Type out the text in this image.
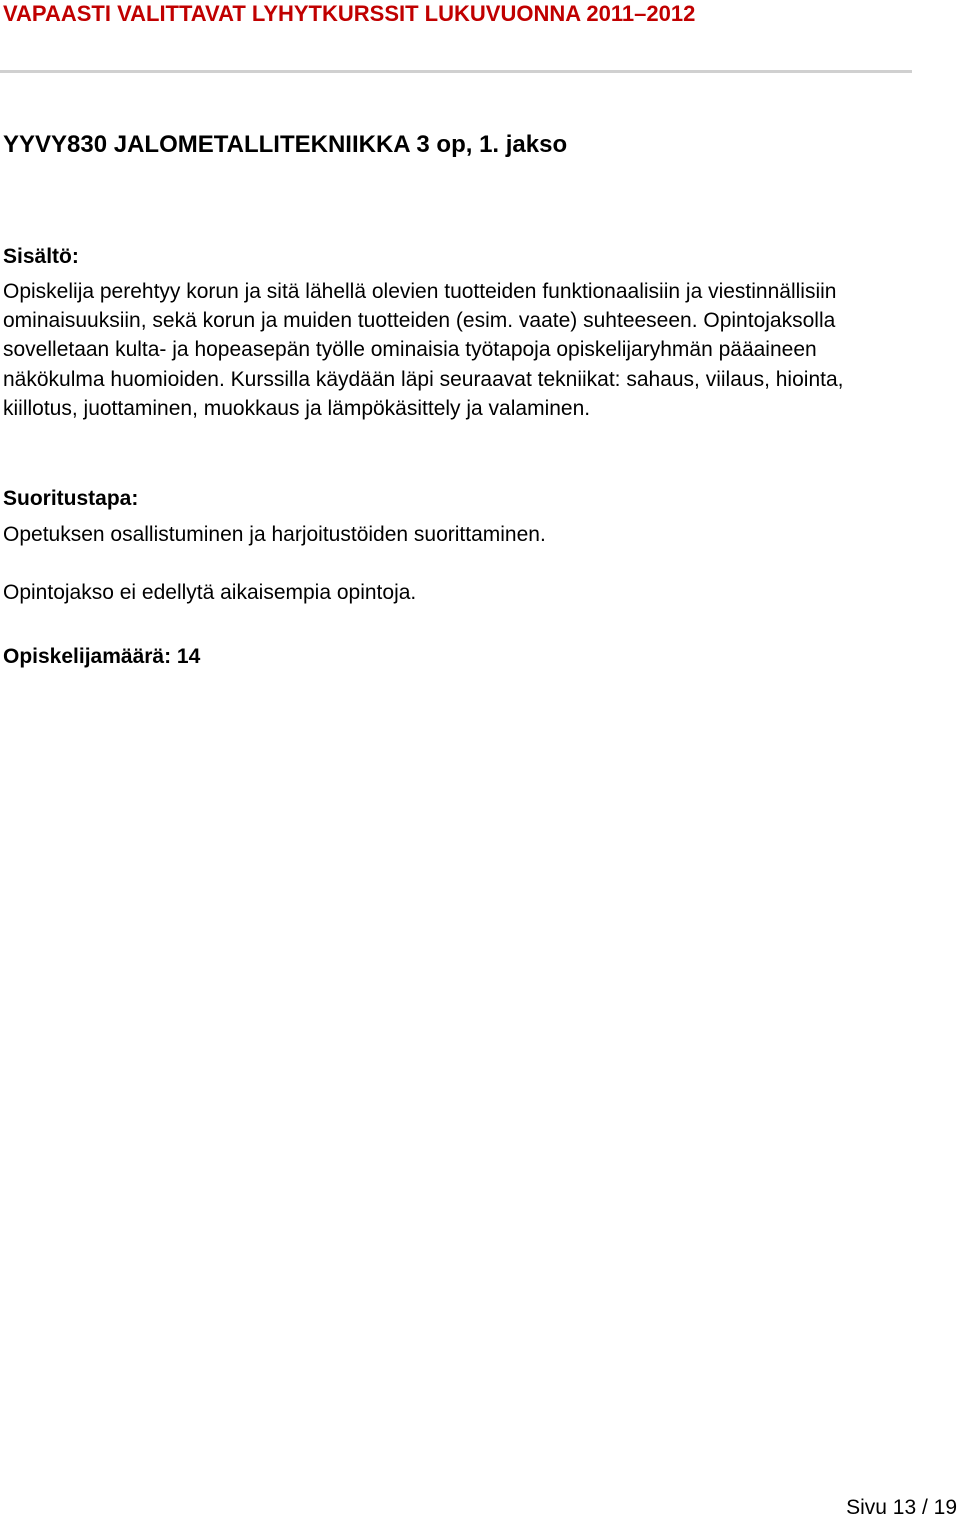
VAPAASTI VALITTAVAT LYHYTKURSSIT LUKUVUONNA 2011–2012
YYVY830 JALOMETALLITEKNIIKKA 3 op, 1. jakso
Sisältö:
Opiskelija perehtyy korun ja sitä lähellä olevien tuotteiden funktionaalisiin ja viestinnällisiin ominaisuuksiin, sekä korun ja muiden tuotteiden (esim. vaate) suhteeseen. Opintojaksolla sovelletaan kulta- ja hopeasepän työlle ominaisia työtapoja opiskelijaryhmän pääaineen näkökulma huomioiden. Kurssilla käydään läpi seuraavat tekniikat: sahaus, viilaus, hiointa, kiillotus, juottaminen, muokkaus ja lämpökäsittely ja valaminen.
Suoritustapa:
Opetuksen osallistuminen ja harjoitustöiden suorittaminen.
Opintojakso ei edellytä aikaisempia opintoja.
Opiskelijamäärä: 14
Sivu 13 / 19
